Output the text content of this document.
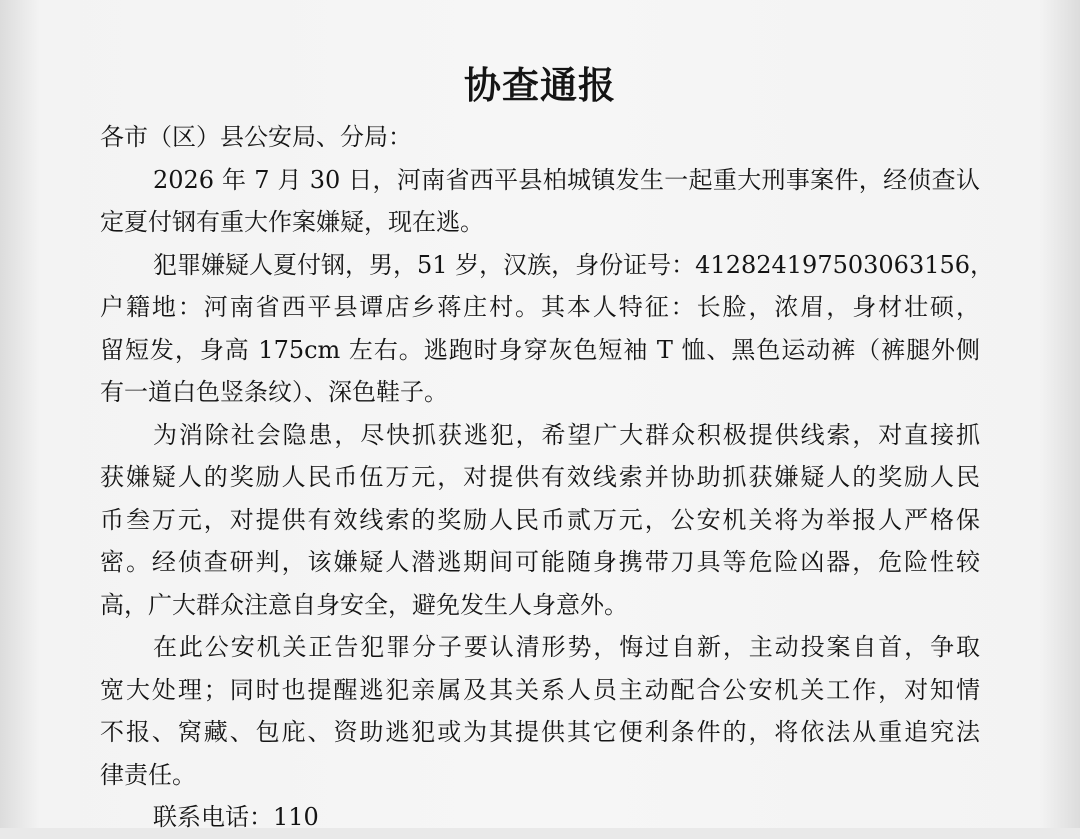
协查通报
各市（区）县公安局、分局：
2026 年 7 月 30 日，河南省西平县柏城镇发生一起重大刑事案件，经侦查认
定夏付钢有重大作案嫌疑，现在逃。
犯罪嫌疑人夏付钢，男，51 岁，汉族，身份证号：412824197503063156，
户籍地：河南省西平县谭店乡蒋庄村。其本人特征：长脸，浓眉，身材壮硕，
留短发，身高 175cm 左右。逃跑时身穿灰色短袖 T 恤、黑色运动裤（裤腿外侧
有一道白色竖条纹）、深色鞋子。
为消除社会隐患，尽快抓获逃犯，希望广大群众积极提供线索，对直接抓
获嫌疑人的奖励人民币伍万元，对提供有效线索并协助抓获嫌疑人的奖励人民
币叁万元，对提供有效线索的奖励人民币贰万元，公安机关将为举报人严格保
密。经侦查研判，该嫌疑人潜逃期间可能随身携带刀具等危险凶器，危险性较
高，广大群众注意自身安全，避免发生人身意外。
在此公安机关正告犯罪分子要认清形势，悔过自新，主动投案自首，争取
宽大处理；同时也提醒逃犯亲属及其关系人员主动配合公安机关工作，对知情
不报、窝藏、包庇、资助逃犯或为其提供其它便利条件的，将依法从重追究法
律责任。
联系电话：110
